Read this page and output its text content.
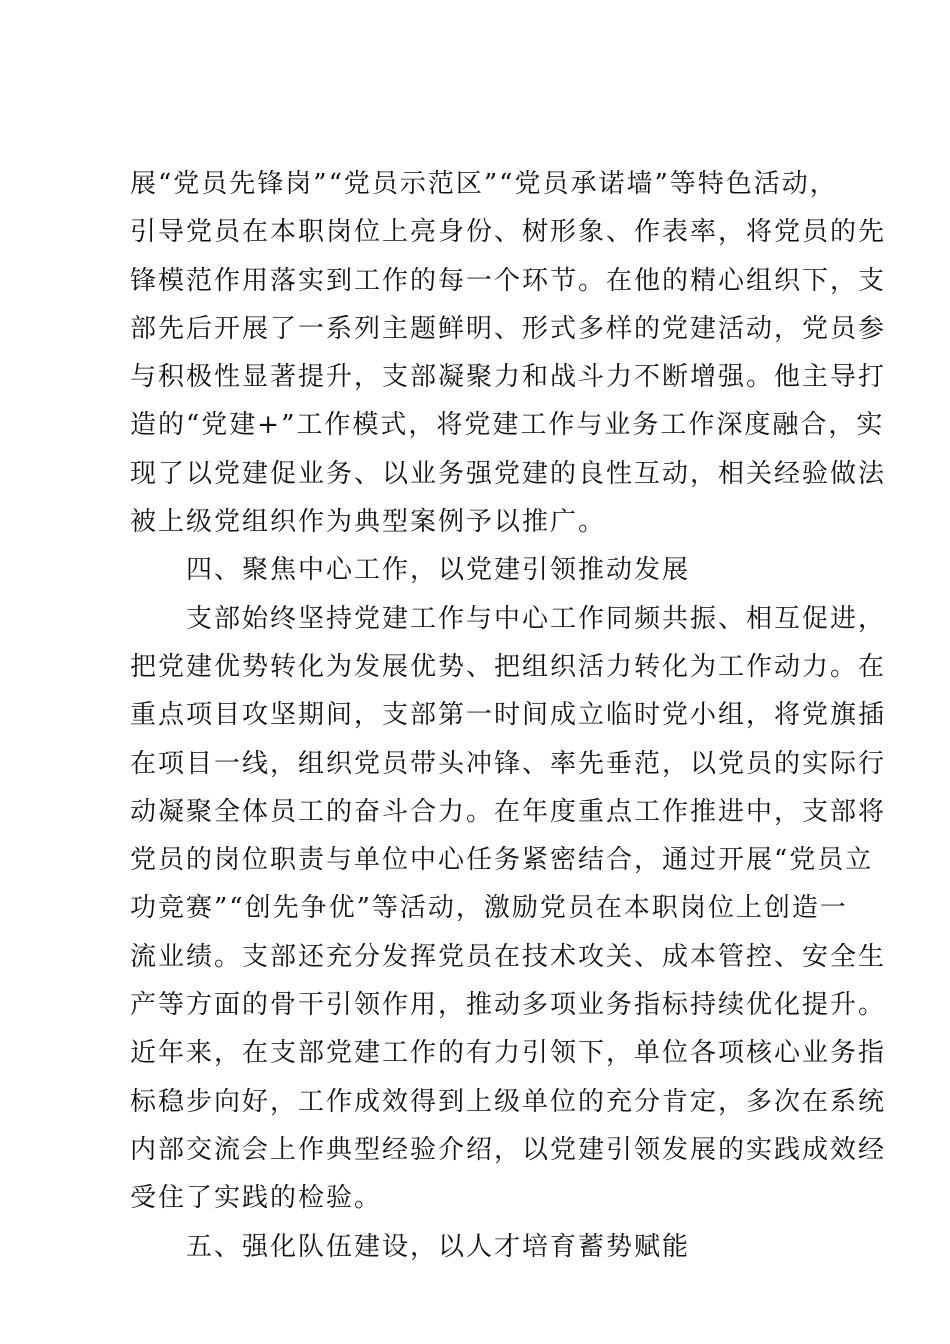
展“党员先锋岗”“党员示范区”“党员承诺墙”等特色活动，
引导党员在本职岗位上亮身份、树形象、作表率，将党员的先
锋模范作用落实到工作的每一个环节。在他的精心组织下，支
部先后开展了一系列主题鲜明、形式多样的党建活动，党员参
与积极性显著提升，支部凝聚力和战斗力不断增强。他主导打
造的“党建+”工作模式，将党建工作与业务工作深度融合，实
现了以党建促业务、以业务强党建的良性互动，相关经验做法
被上级党组织作为典型案例予以推广。
四、聚焦中心工作，以党建引领推动发展
支部始终坚持党建工作与中心工作同频共振、相互促进，
把党建优势转化为发展优势、把组织活力转化为工作动力。在
重点项目攻坚期间，支部第一时间成立临时党小组，将党旗插
在项目一线，组织党员带头冲锋、率先垂范，以党员的实际行
动凝聚全体员工的奋斗合力。在年度重点工作推进中，支部将
党员的岗位职责与单位中心任务紧密结合，通过开展“党员立
功竞赛”“创先争优”等活动，激励党员在本职岗位上创造一
流业绩。支部还充分发挥党员在技术攻关、成本管控、安全生
产等方面的骨干引领作用，推动多项业务指标持续优化提升。
近年来，在支部党建工作的有力引领下，单位各项核心业务指
标稳步向好，工作成效得到上级单位的充分肯定，多次在系统
内部交流会上作典型经验介绍，以党建引领发展的实践成效经
受住了实践的检验。
五、强化队伍建设，以人才培育蓄势赋能
